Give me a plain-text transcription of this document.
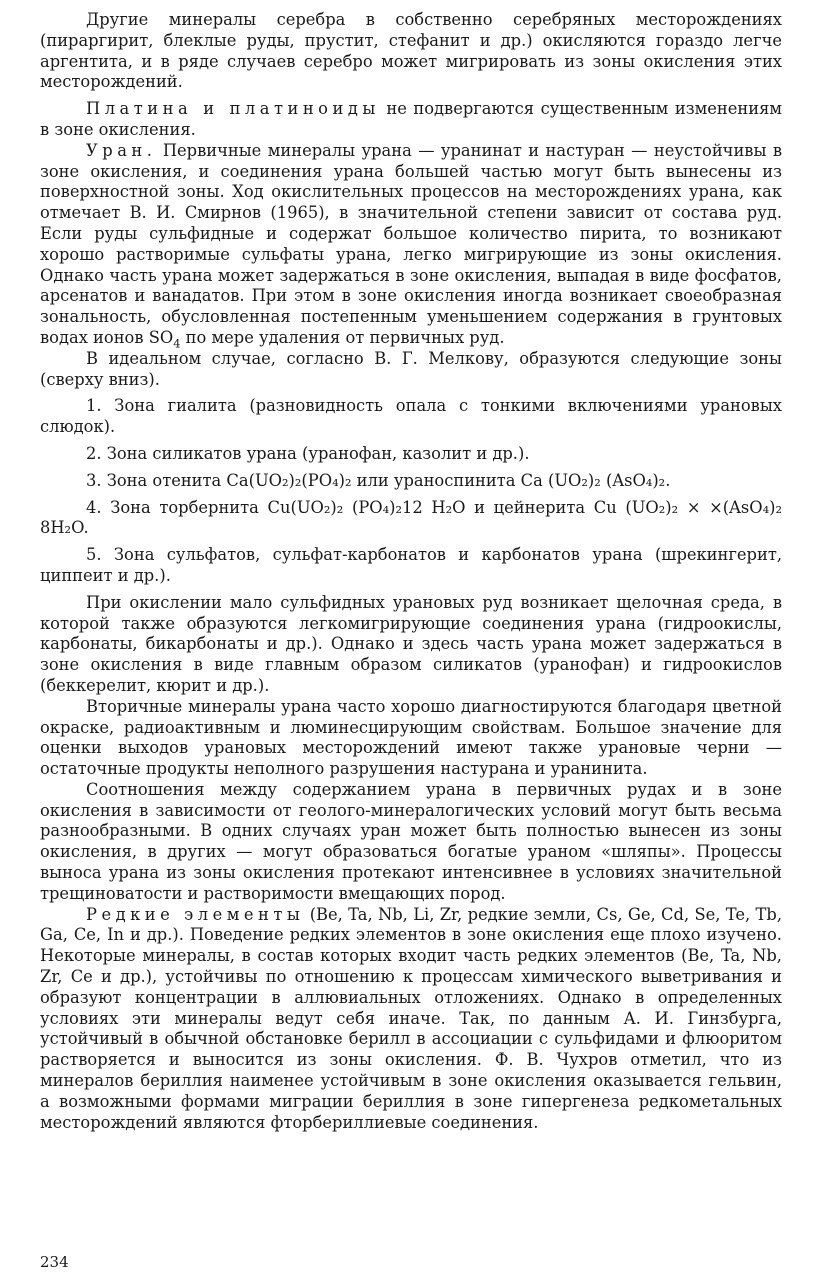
Другие минералы серебра в собственно серебряных месторождениях (пираргирит, блеклые руды, прустит, стефанит и др.) окисляются гораздо легче аргентита, и в ряде случаев серебро может мигрировать из зоны окисления этих месторождений.

Платина и платиноиды не подвергаются существенным изменениям в зоне окисления.

Уран. Первичные минералы урана — уранинат и настуран — неустойчивы в зоне окисления, и соединения урана большей частью могут быть вынесены из поверхностной зоны. Ход окислительных процессов на месторождениях урана, как отмечает В. И. Смирнов (1965), в значительной степени зависит от состава руд. Если руды сульфидные и содержат большое количество пирита, то возникают хорошо растворимые сульфаты урана, легко мигрирующие из зоны окисления. Однако часть урана может задержаться в зоне окисления, выпадая в виде фосфатов, арсенатов и ванадатов. При этом в зоне окисления иногда возникает своеобразная зональность, обусловленная постепенным уменьшением содержания в грунтовых водах ионов $SO_4$ по мере удаления от первичных руд.

В идеальном случае, согласно В. Г. Мелкову, образуются следующие зоны (сверху вниз).

1. Зона гиалита (разновидность опала с тонкими включениями урановых слюдок).

2. Зона силикатов урана (уранофан, казолит и др.).

3. Зона отенита Ca(UO₂)₂(PO₄)₂ или ураноспинита Ca (UO₂)₂ (AsO₄)₂.

4. Зона торбернита Cu(UO₂)₂ (PO₄)₂12 H₂O и цейнерита Cu (UO₂)₂ × ×(AsO₄)₂ 8H₂O.

5. Зона сульфатов, сульфат-карбонатов и карбонатов урана (шрекингерит, циппеит и др.).

При окислении мало сульфидных урановых руд возникает щелочная среда, в которой также образуются легкомигрирующие соединения урана (гидроокислы, карбонаты, бикарбонаты и др.). Однако и здесь часть урана может задержаться в зоне окисления в виде главным образом силикатов (уранофан) и гидроокислов (беккерелит, кюрит и др.).

Вторичные минералы урана часто хорошо диагностируются благодаря цветной окраске, радиоактивным и люминесцирующим свойствам. Большое значение для оценки выходов урановых месторождений имеют также урановые черни — остаточные продукты неполного разрушения настурана и уранинита.

Соотношения между содержанием урана в первичных рудах и в зоне окисления в зависимости от геолого-минералогических условий могут быть весьма разнообразными. В одних случаях уран может быть полностью вынесен из зоны окисления, в других — могут образоваться богатые ураном «шляпы». Процессы выноса урана из зоны окисления протекают интенсивнее в условиях значительной трещиноватости и растворимости вмещающих пород.

Редкие элементы (Be, Ta, Nb, Li, Zr, редкие земли, Cs, Ge, Cd, Se, Te, Tb, Ga, Ce, In и др.). Поведение редких элементов в зоне окисления еще плохо изучено. Некоторые минералы, в состав которых входит часть редких элементов (Be, Ta, Nb, Zr, Ce и др.), устойчивы по отношению к процессам химического выветривания и образуют концентрации в аллювиальных отложениях. Однако в определенных условиях эти минералы ведут себя иначе. Так, по данным А. И. Гинзбурга, устойчивый в обычной обстановке берилл в ассоциации с сульфидами и флюоритом растворяется и выносится из зоны окисления. Ф. В. Чухров отметил, что из минералов бериллия наименее устойчивым в зоне окисления оказывается гельвин, а возможными формами миграции бериллия в зоне гипергенеза редкометальных месторождений являются фторбериллиевые соединения.

234
